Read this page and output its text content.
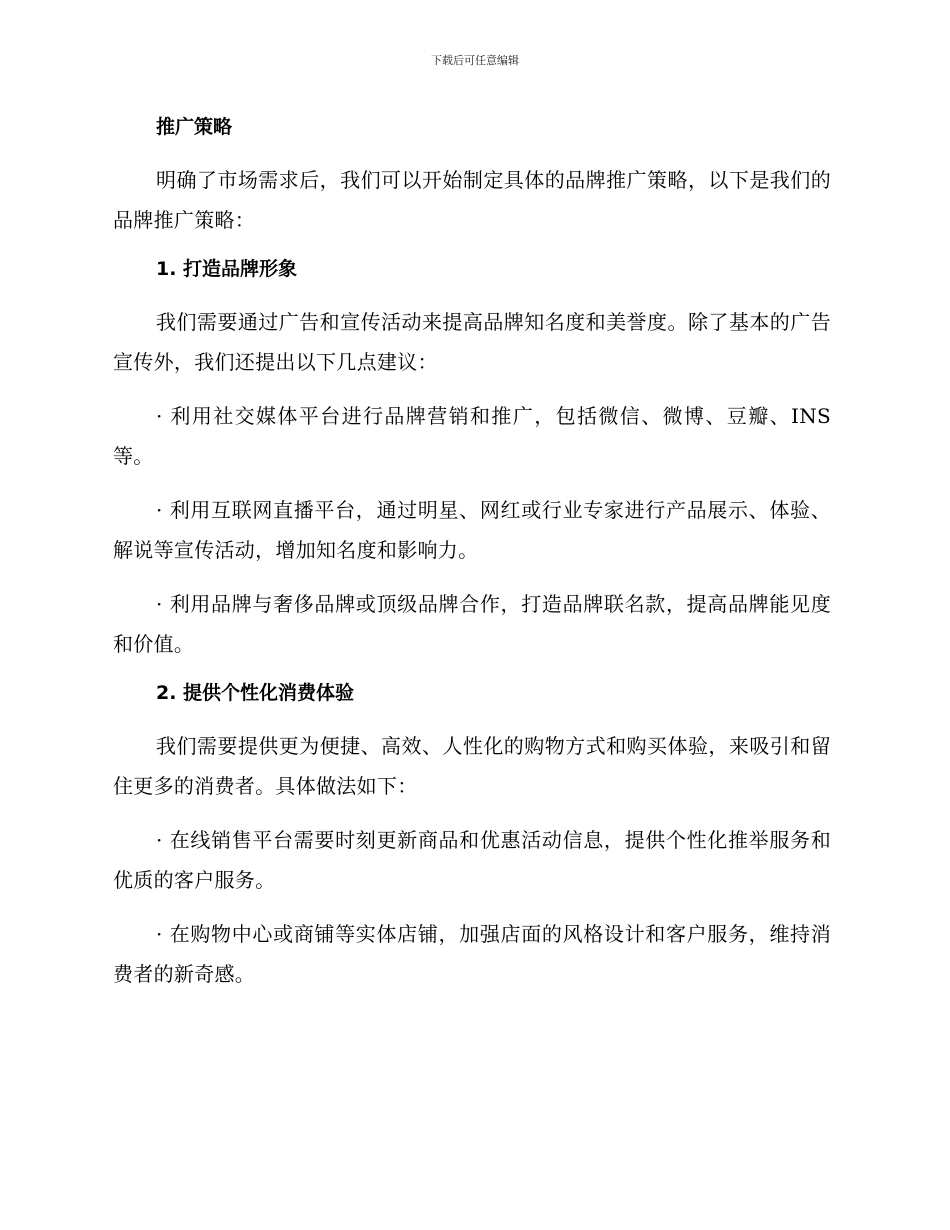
下载后可任意编辑
推广策略

明确了市场需求后，我们可以开始制定具体的品牌推广策略，以下是我们的品牌推广策略：

1. 打造品牌形象

我们需要通过广告和宣传活动来提高品牌知名度和美誉度。除了基本的广告宣传外，我们还提出以下几点建议：

· 利用社交媒体平台进行品牌营销和推广，包括微信、微博、豆瓣、INS等。

· 利用互联网直播平台，通过明星、网红或行业专家进行产品展示、体验、解说等宣传活动，增加知名度和影响力。

· 利用品牌与奢侈品牌或顶级品牌合作，打造品牌联名款，提高品牌能见度和价值。

2. 提供个性化消费体验

我们需要提供更为便捷、高效、人性化的购物方式和购买体验，来吸引和留住更多的消费者。具体做法如下：

· 在线销售平台需要时刻更新商品和优惠活动信息，提供个性化推举服务和优质的客户服务。

· 在购物中心或商铺等实体店铺，加强店面的风格设计和客户服务，维持消费者的新奇感。
